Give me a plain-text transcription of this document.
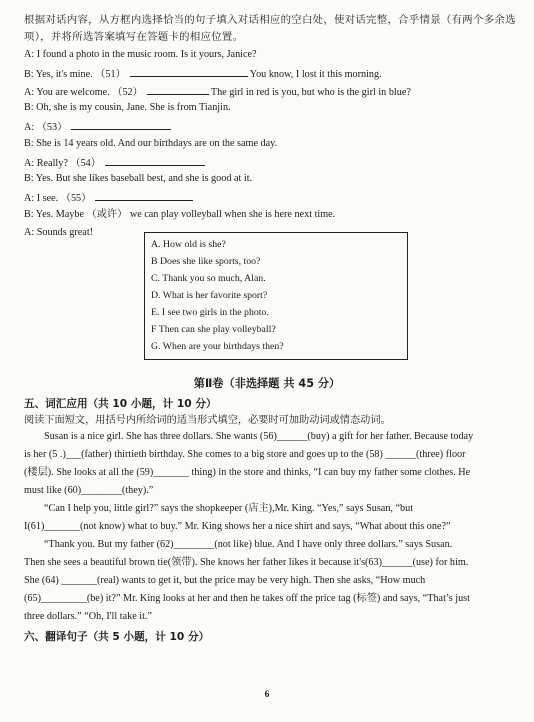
根据对话内容，从方框内选择恰当的句子填入对话相应的空白处，使对话完整，合乎情景（有两个多余选
项），并将所选答案填写在答题卡的相应位置。
A: I found a photo in the music room. Is it yours, Janice?
B: Yes, it's mine. （51）	You know, I lost it this morning.
A: You are welcome. （52）	The girl in red is you, but who is the girl in blue?
B: Oh, she is my cousin, Jane. She is from Tianjin.
A: （53）
B: She is 14 years old. And our birthdays are on the same day.
A: Really? （54）
B: Yes. But she likes baseball best, and she is good at it.
A: I see. （55）
B: Yes. Maybe （或许） we can play volleyball when she is here next time.
A: Sounds great!
A. How old is she?
B Does she like sports, too?
C. Thank you so much, Alan.
D. What is her favorite sport?
E. I see two girls in the photo.
F Then can she play volleyball?
G. When are your birthdays then?
第Ⅱ卷（非选择题 共 45 分）
五、词汇应用（共 10 小题，计 10 分）
阅读下面短文，用括号内所给词的适当形式填空，必要时可加助动词或情态动词。
Susan is a nice girl. She has three dollars. She wants (56)______(buy) a gift for her father. Because today
is her (5 .)___(father) thirtieth birthday. She comes to a big store and goes up to the (58) ______(three) floor
(楼层). She looks at all the (59)_______ thing) in the store and thinks, “I can buy my father some clothes. He
must like (60)________(they).”
“Can I help you, little girl?” says the shopkeeper (店主),Mr. King. “Yes,” says Susan, “but
I(61)_______(not know) what to buy.” Mr. King shows her a nice shirt and says, “What about this one?”
“Thank you. But my father (62)________(not like) blue. And I have only three dollars.” says Susan.
Then she sees a beautiful brown tie(领带). She knows her father likes it because it's(63)______(use) for him.
She (64) _______(real) wants to get it, but the price may be very high. Then she asks, “How much
(65)_________(be) it?” Mr. King looks at her and then he takes off the price tag (标签) and says, “That’s just
three dollars.” “Oh, I'll take it.”
六、翻译句子（共 5 小题，计 10 分）
6
